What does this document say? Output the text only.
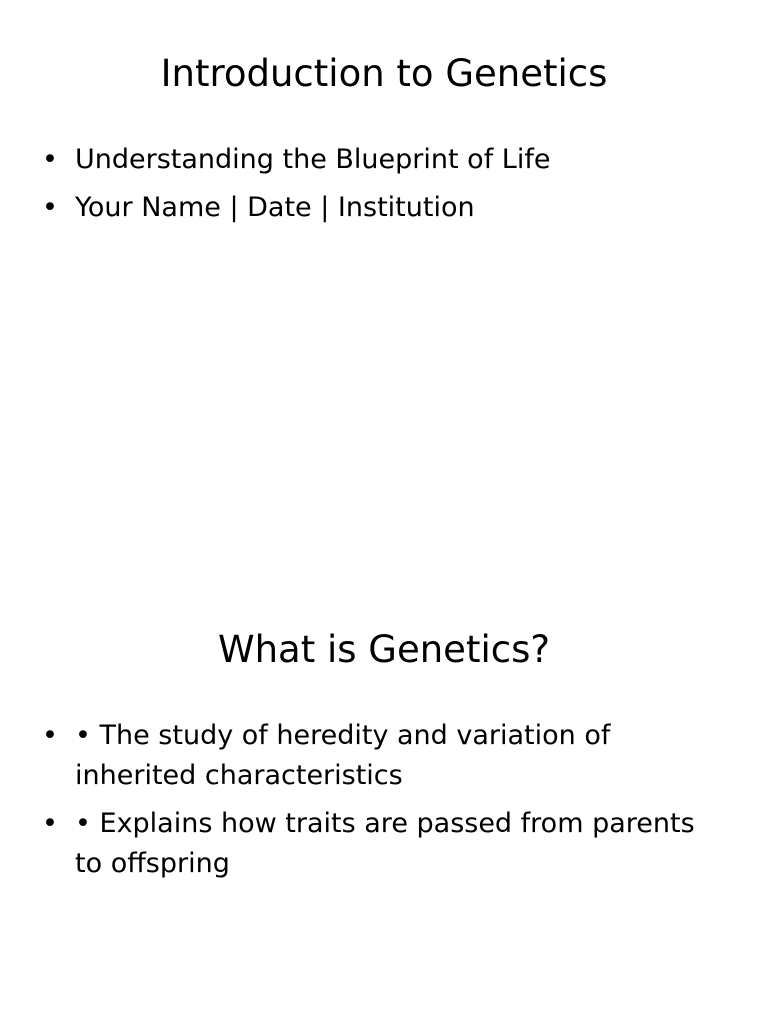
Introduction to Genetics
• Understanding the Blueprint of Life
• Your Name | Date | Institution
What is Genetics?
• • The study of heredity and variation of inherited characteristics
• • Explains how traits are passed from parents to offspring
